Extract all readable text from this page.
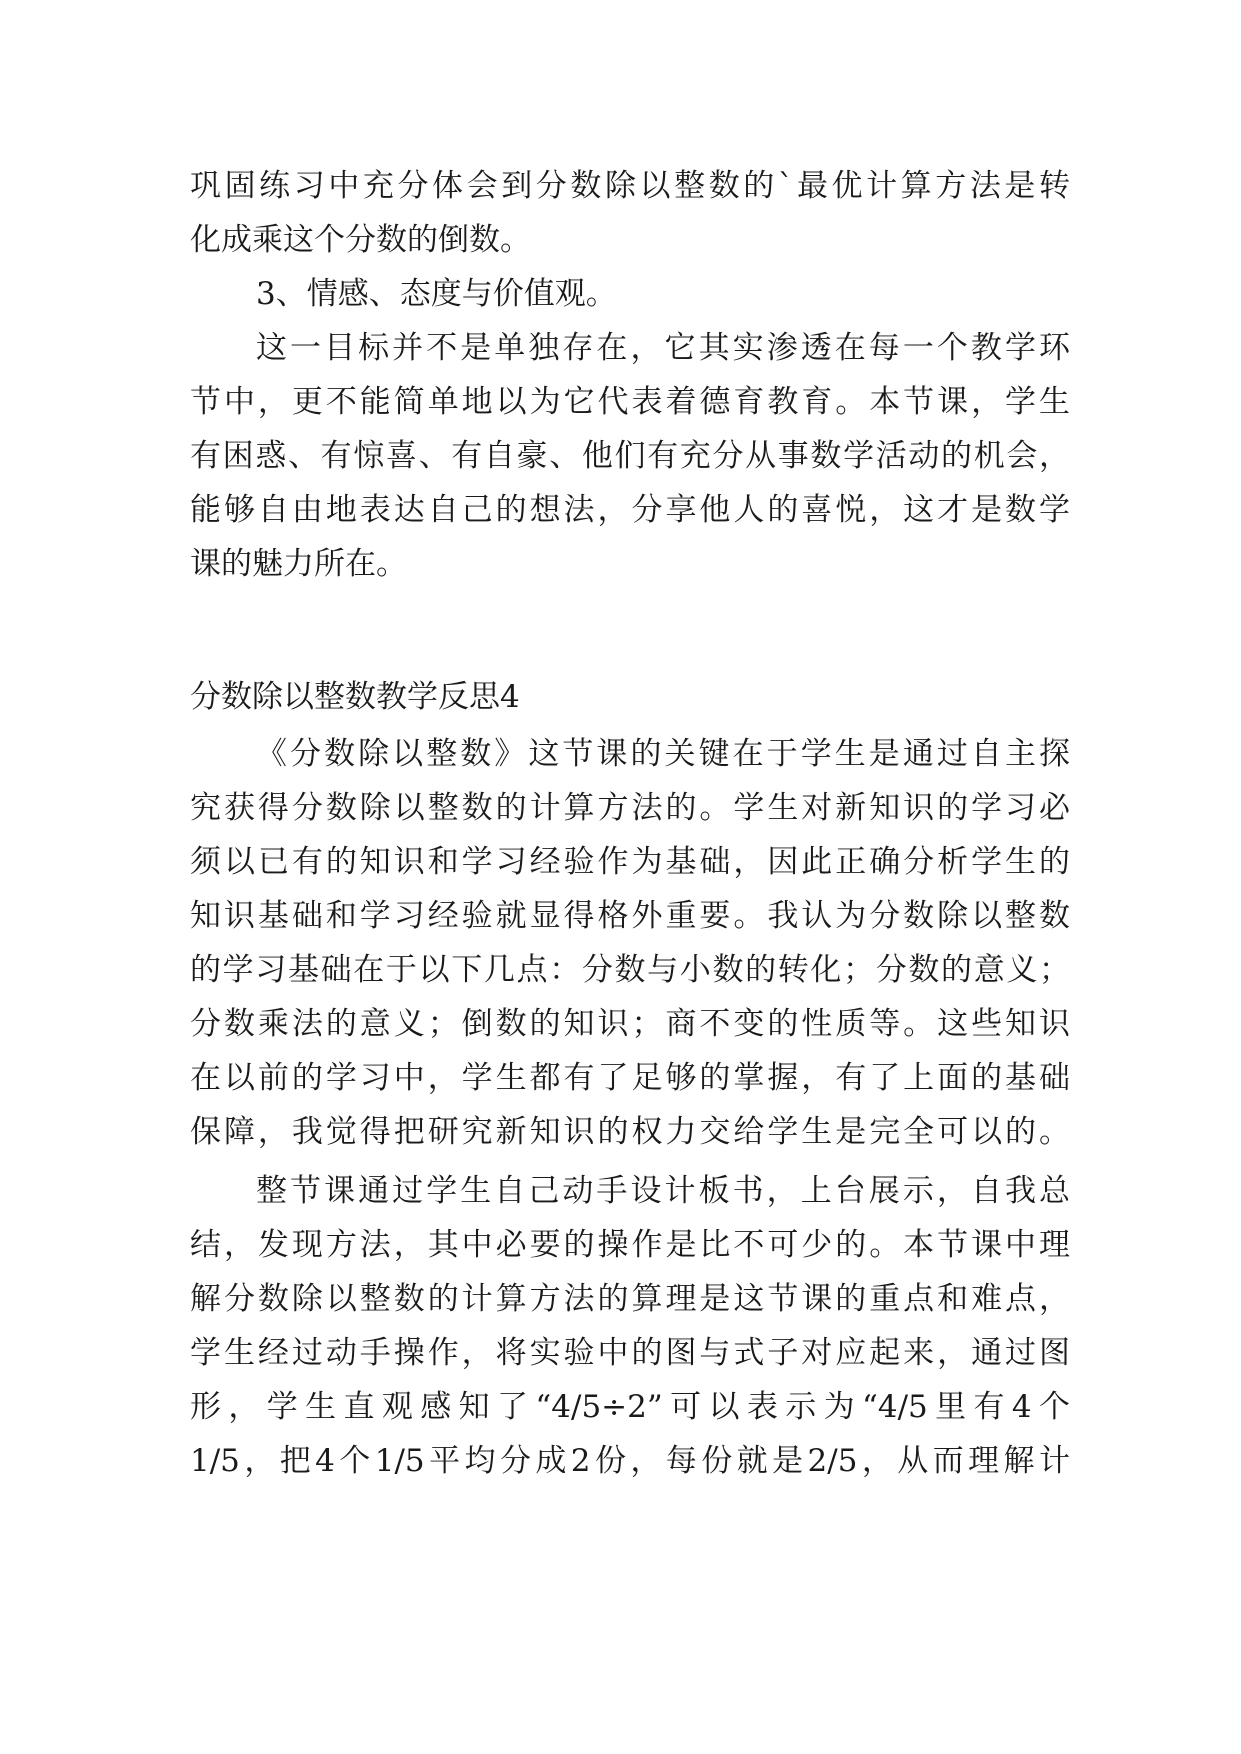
巩固练习中充分体会到分数除以整数的`最优计算方法是转
化成乘这个分数的倒数。
3、情感、态度与价值观。
这一目标并不是单独存在，它其实渗透在每一个教学环
节中，更不能简单地以为它代表着德育教育。本节课，学生
有困惑、有惊喜、有自豪、他们有充分从事数学活动的机会，
能够自由地表达自己的想法，分享他人的喜悦，这才是数学
课的魅力所在。
分数除以整数教学反思4
《分数除以整数》这节课的关键在于学生是通过自主探
究获得分数除以整数的计算方法的。学生对新知识的学习必
须以已有的知识和学习经验作为基础，因此正确分析学生的
知识基础和学习经验就显得格外重要。我认为分数除以整数
的学习基础在于以下几点：分数与小数的转化；分数的意义；
分数乘法的意义；倒数的知识；商不变的性质等。这些知识
在以前的学习中，学生都有了足够的掌握，有了上面的基础
保障，我觉得把研究新知识的权力交给学生是完全可以的。
整节课通过学生自己动手设计板书，上台展示，自我总
结，发现方法，其中必要的操作是比不可少的。本节课中理
解分数除以整数的计算方法的算理是这节课的重点和难点，
学生经过动手操作，将实验中的图与式子对应起来，通过图
形，学生直观感知了“4/5÷2”可以表示为“4/5里有4个
1/5，把4个1/5平均分成2份，每份就是2/5，从而理解计
